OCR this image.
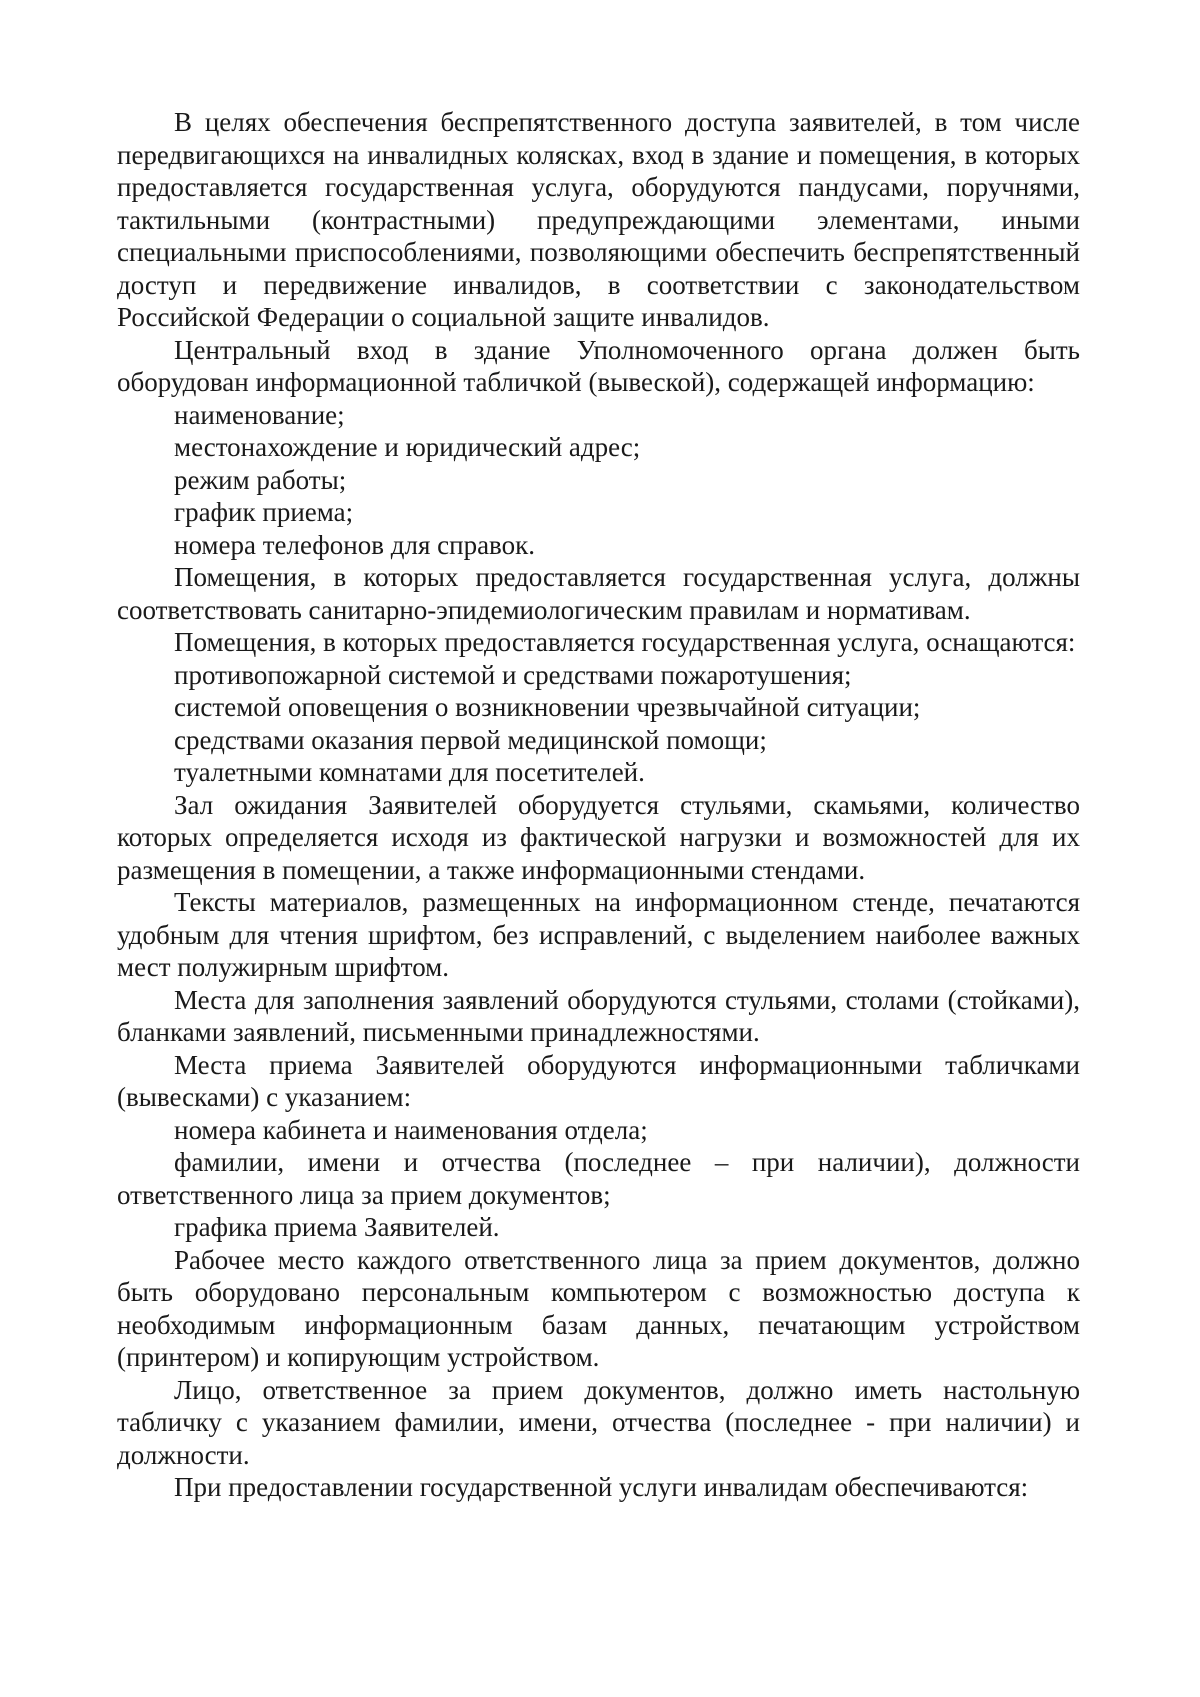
В целях обеспечения беспрепятственного доступа заявителей, в том числе передвигающихся на инвалидных колясках, вход в здание и помещения, в которых предоставляется государственная услуга, оборудуются пандусами, поручнями, тактильными (контрастными) предупреждающими элементами, иными специальными приспособлениями, позволяющими обеспечить беспрепятственный доступ и передвижение инвалидов, в соответствии с законодательством Российской Федерации о социальной защите инвалидов.

Центральный вход в здание Уполномоченного органа должен быть оборудован информационной табличкой (вывеской), содержащей информацию:

наименование;

местонахождение и юридический адрес;

режим работы;

график приема;

номера телефонов для справок.

Помещения, в которых предоставляется государственная услуга, должны соответствовать санитарно-эпидемиологическим правилам и нормативам.

Помещения, в которых предоставляется государственная услуга, оснащаются:

противопожарной системой и средствами пожаротушения;

системой оповещения о возникновении чрезвычайной ситуации;

средствами оказания первой медицинской помощи;

туалетными комнатами для посетителей.

Зал ожидания Заявителей оборудуется стульями, скамьями, количество которых определяется исходя из фактической нагрузки и возможностей для их размещения в помещении, а также информационными стендами.

Тексты материалов, размещенных на информационном стенде, печатаются удобным для чтения шрифтом, без исправлений, с выделением наиболее важных мест полужирным шрифтом.

Места для заполнения заявлений оборудуются стульями, столами (стойками), бланками заявлений, письменными принадлежностями.

Места приема Заявителей оборудуются информационными табличками (вывесками) с указанием:

номера кабинета и наименования отдела;

фамилии, имени и отчества (последнее – при наличии), должности ответственного лица за прием документов;

графика приема Заявителей.

Рабочее место каждого ответственного лица за прием документов, должно быть оборудовано персональным компьютером с возможностью доступа к необходимым информационным базам данных, печатающим устройством (принтером) и копирующим устройством.

Лицо, ответственное за прием документов, должно иметь настольную табличку с указанием фамилии, имени, отчества (последнее - при наличии) и должности.

При предоставлении государственной услуги инвалидам обеспечиваются:
